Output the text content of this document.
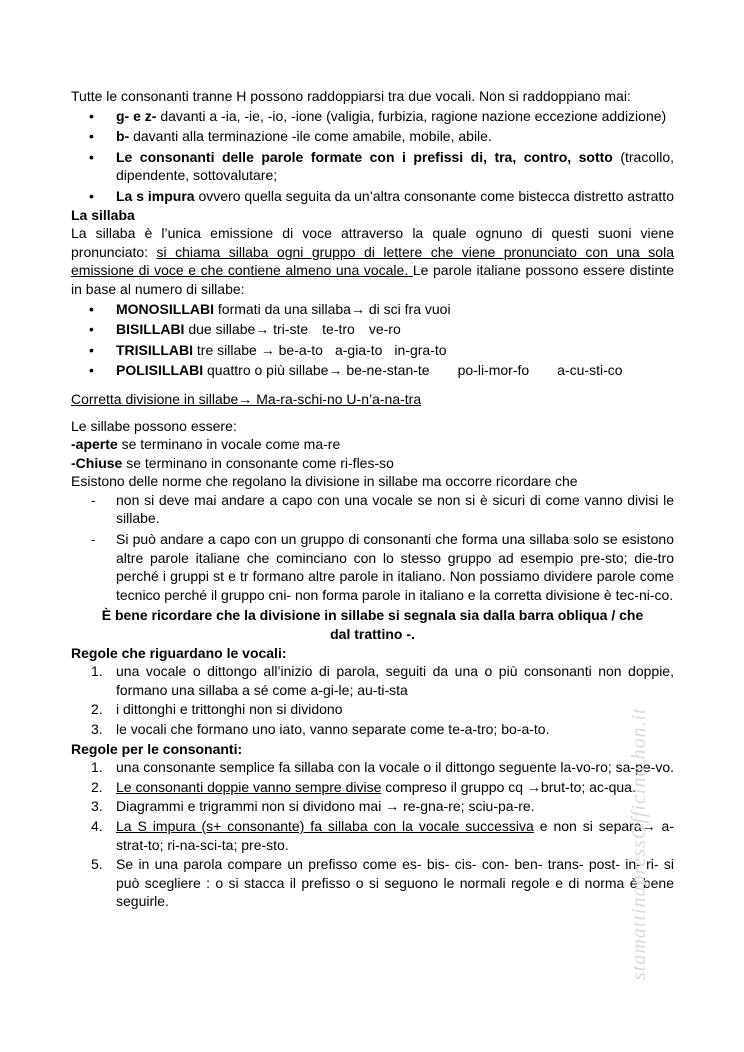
Tutte le consonanti tranne H possono raddoppiarsi tra due vocali. Non si raddoppiano mai:

• g- e z- davanti a -ia, -ie, -io, -ione (valigia, furbizia, ragione nazione eccezione addizione)
• b- davanti alla terminazione -ile come amabile, mobile, abile.
• Le consonanti delle parole formate con i prefissi di, tra, contro, sotto (tracollo, dipendente, sottovalutare;
• La s impura ovvero quella seguita da un’altra consonante come bistecca distretto astratto

La sillaba

La sillaba è l’unica emissione di voce attraverso la quale ognuno di questi suoni viene pronunciato: si chiama sillaba ogni gruppo di lettere che viene pronunciato con una sola emissione di voce e che contiene almeno una vocale. Le parole italiane possono essere distinte in base al numero di sillabe:

• MONOSILLABI formati da una sillaba→ di sci fra vuoi
• BISILLABI due sillabe→ tri-ste te-tro ve-ro
• TRISILLABI tre sillabe → be-a-to a-gia-to in-gra-to
• POLISILLABI quattro o più sillabe→ be-ne-stan-te po-li-mor-fo a-cu-sti-co

Corretta divisione in sillabe→ Ma-ra-schi-no U-n’a-na-tra

Le sillabe possono essere:

-aperte se terminano in vocale come ma-re

-Chiuse se terminano in consonante come ri-fles-so

Esistono delle norme che regolano la divisione in sillabe ma occorre ricordare che

- non si deve mai andare a capo con una vocale se non si è sicuri di come vanno divisi le sillabe.
- Si può andare a capo con un gruppo di consonanti che forma una sillaba solo se esistono altre parole italiane che cominciano con lo stesso gruppo ad esempio pre-sto; die-tro perché i gruppi st e tr formano altre parole in italiano. Non possiamo dividere parole come tecnico perché il gruppo cni- non forma parole in italiano e la corretta divisione è tec-ni-co.

È bene ricordare che la divisione in sillabe si segnala sia dalla barra obliqua / che dal trattino -.

Regole che riguardano le vocali:

1. una vocale o dittongo all’inizio di parola, seguiti da una o più consonanti non doppie, formano una sillaba a sé come a-gi-le; au-ti-sta
2. i dittonghi e trittonghi non si dividono
3. le vocali che formano uno iato, vanno separate come te-a-tro; bo-a-to.

Regole per le consonanti:

1. una consonante semplice fa sillaba con la vocale o il dittongo seguente la-vo-ro; sa-pe-vo.
2. Le consonanti doppie vanno sempre divise compreso il gruppo cq →brut-to; ac-qua.
3. Diagrammi e trigrammi non si dividono mai → re-gna-re; sciu-pa-re.
4. La S impura (s+ consonante) fa sillaba con la vocale successiva e non si separa→ a-strat-to; ri-na-sci-ta; pre-sto.
5. Se in una parola compare un prefisso come es- bis- cis- con- ben- trans- post- in- ri- si può scegliere : o si stacca il prefisso o si seguono le normali regole e di norma è bene seguirle.	stamattinapressOfficina.hon.it
